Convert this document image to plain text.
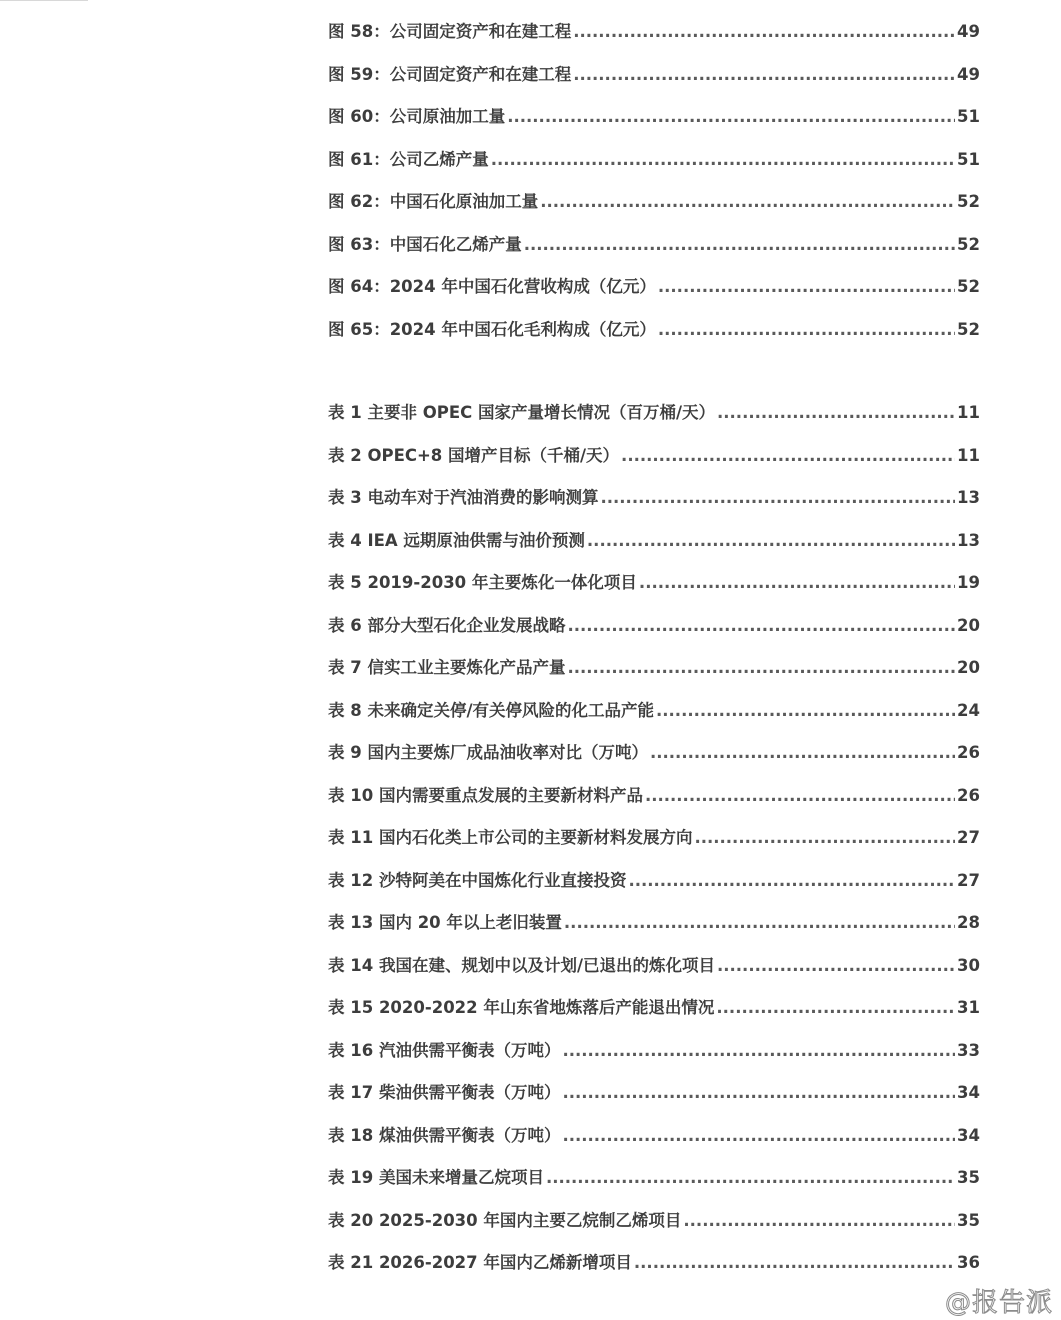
图 58：公司固定资产和在建工程 .....	49
图 59：公司固定资产和在建工程 .....	49
图 60：公司原油加工量 .....	51
图 61：公司乙烯产量 .....	51
图 62：中国石化原油加工量 .....	52
图 63：中国石化乙烯产量 .....	52
图 64：2024 年中国石化营收构成（亿元） .....	52
图 65：2024 年中国石化毛利构成（亿元） .....	52
表 1 主要非 OPEC 国家产量增长情况（百万桶/天） .....	11
表 2 OPEC+8 国增产目标（千桶/天） .....	11
表 3 电动车对于汽油消费的影响测算 .....	13
表 4 IEA 远期原油供需与油价预测 .....	13
表 5 2019-2030 年主要炼化一体化项目 .....	19
表 6 部分大型石化企业发展战略 .....	20
表 7 信实工业主要炼化产品产量 .....	20
表 8 未来确定关停/有关停风险的化工品产能 .....	24
表 9 国内主要炼厂成品油收率对比（万吨） .....	26
表 10 国内需要重点发展的主要新材料产品 .....	26
表 11 国内石化类上市公司的主要新材料发展方向 .....	27
表 12 沙特阿美在中国炼化行业直接投资 .....	27
表 13 国内 20 年以上老旧装置 .....	28
表 14 我国在建、规划中以及计划/已退出的炼化项目 .....	30
表 15 2020-2022 年山东省地炼落后产能退出情况 .....	31
表 16 汽油供需平衡表（万吨） .....	33
表 17 柴油供需平衡表（万吨） .....	34
表 18 煤油供需平衡表（万吨） .....	34
表 19 美国未来增量乙烷项目 .....	35
表 20 2025-2030 年国内主要乙烷制乙烯项目 .....	35
表 21 2026-2027 年国内乙烯新增项目 .....	36
@报告派
